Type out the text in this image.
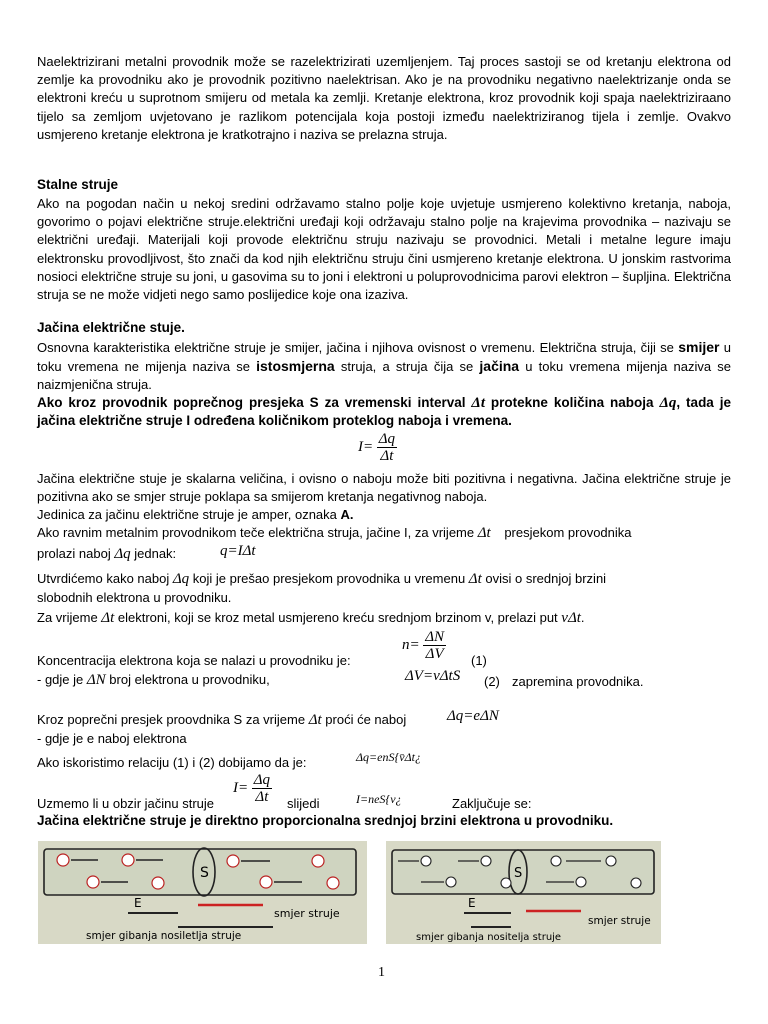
Naelektrizirani metalni provodnik može se razelektrizirati uzemljenjem. Taj proces sastoji se od kretanju elektrona od zemlje ka provodniku ako je provodnik pozitivno naelektrisan. Ako je na provodniku negativno naelektrizanje onda se elektroni kreću u suprotnom smijeru od metala ka zemlji. Kretanje elektrona, kroz provodnik koji spaja naelektriziraano tijelo sa zemljom uvjetovano je razlikom potencijala koja postoji između naelektriziranog tijela i zemlje. Ovakvo usmjereno kretanje elektrona je kratkotrajno i naziva se prelazna struja.

Stalne struje

Ako na pogodan način u nekoj sredini održavamo stalno polje koje uvjetuje usmjereno kolektivno kretanja, naboja, govorimo o pojavi električne struje.električni uređaji koji održavaju stalno polje na krajevima provodnika – nazivaju se električni uređaji. Materijali koji provode električnu struju nazivaju se provodnici. Metali i metalne legure imaju elektronsku provodljivost, što znači da kod njih električnu struju čini usmjereno kretanje elektrona. U jonskim rastvorima nosioci električne struje su joni, u gasovima su to joni i elektroni u poluprovodnicima parovi elektron – šupljina. Električna struja se ne može vidjeti nego samo poslijedice koje ona izaziva.

Jačina električne stuje.

Osnovna karakteristika električne struje je smijer, jačina i njihova ovisnost o vremenu. Električna struja, čiji se smijer u toku vremena ne mijenja naziva se istosmjerna struja, a struja čija se jačina u toku vremena mijenja naziva se naizmjenična struja.

Ako kroz provodnik poprečnog presjeka S za vremenski interval Δt protekne količina naboja Δq, tada je jačina električne struje I određena količnikom proteklog naboja i vremena.

$I= \frac{\Delta q}{\Delta t}$

Jačina električne stuje je skalarna veličina, i ovisno o naboju može biti pozitivna i negativna. Jačina električne struje je pozitivna ako se smjer struje poklapa sa smijerom kretanja negativnog naboja.

Jedinica za jačinu električne struje je amper, oznaka A.

Ako ravnim metalnim provodnikom teče električna struja, jačine I, za vrijeme Δt presjekom provodnika

prolazi naboj Δq jednak:	q=IΔt

Utvrdićemo kako naboj Δq koji je prešao presjekom provodnika u vremenu Δt ovisi o srednjoj brzini

slobodnih elektrona u provodniku.

Za vrijeme Δt elektroni, koji se kroz metal usmjereno kreću srednjom brzinom v, prelazi put vΔt.

$n= \frac{\Delta N}{\Delta V}$

Koncentracija elektrona koja se nalazi u provodniku je:	(1)

- gdje je ΔN broj elektrona u provodniku,	ΔV=vΔtS (2) zapremina provodnika.

Kroz poprečni presjek proovdnika S za vrijeme Δt proći će naboj	Δq=eΔN

- gdje je e naboj elektrona

Ako iskoristimo relaciju (1) i (2) dobijamo da je:	Δq=enS{v̄Δt¿

$I= \frac{\Delta q}{\Delta t}$

Uzmemo li u obzir jačinu struje	slijedi	I=neS{v¿	Zaključuje se:

Jačina električne struje je direktno proporcionalna srednjoj brzini elektrona u provodniku.

S
E
smjer struje
smjer gibanja nosiletlja struje
S
E
smjer struje
smjer gibanja nositelja struje
1
